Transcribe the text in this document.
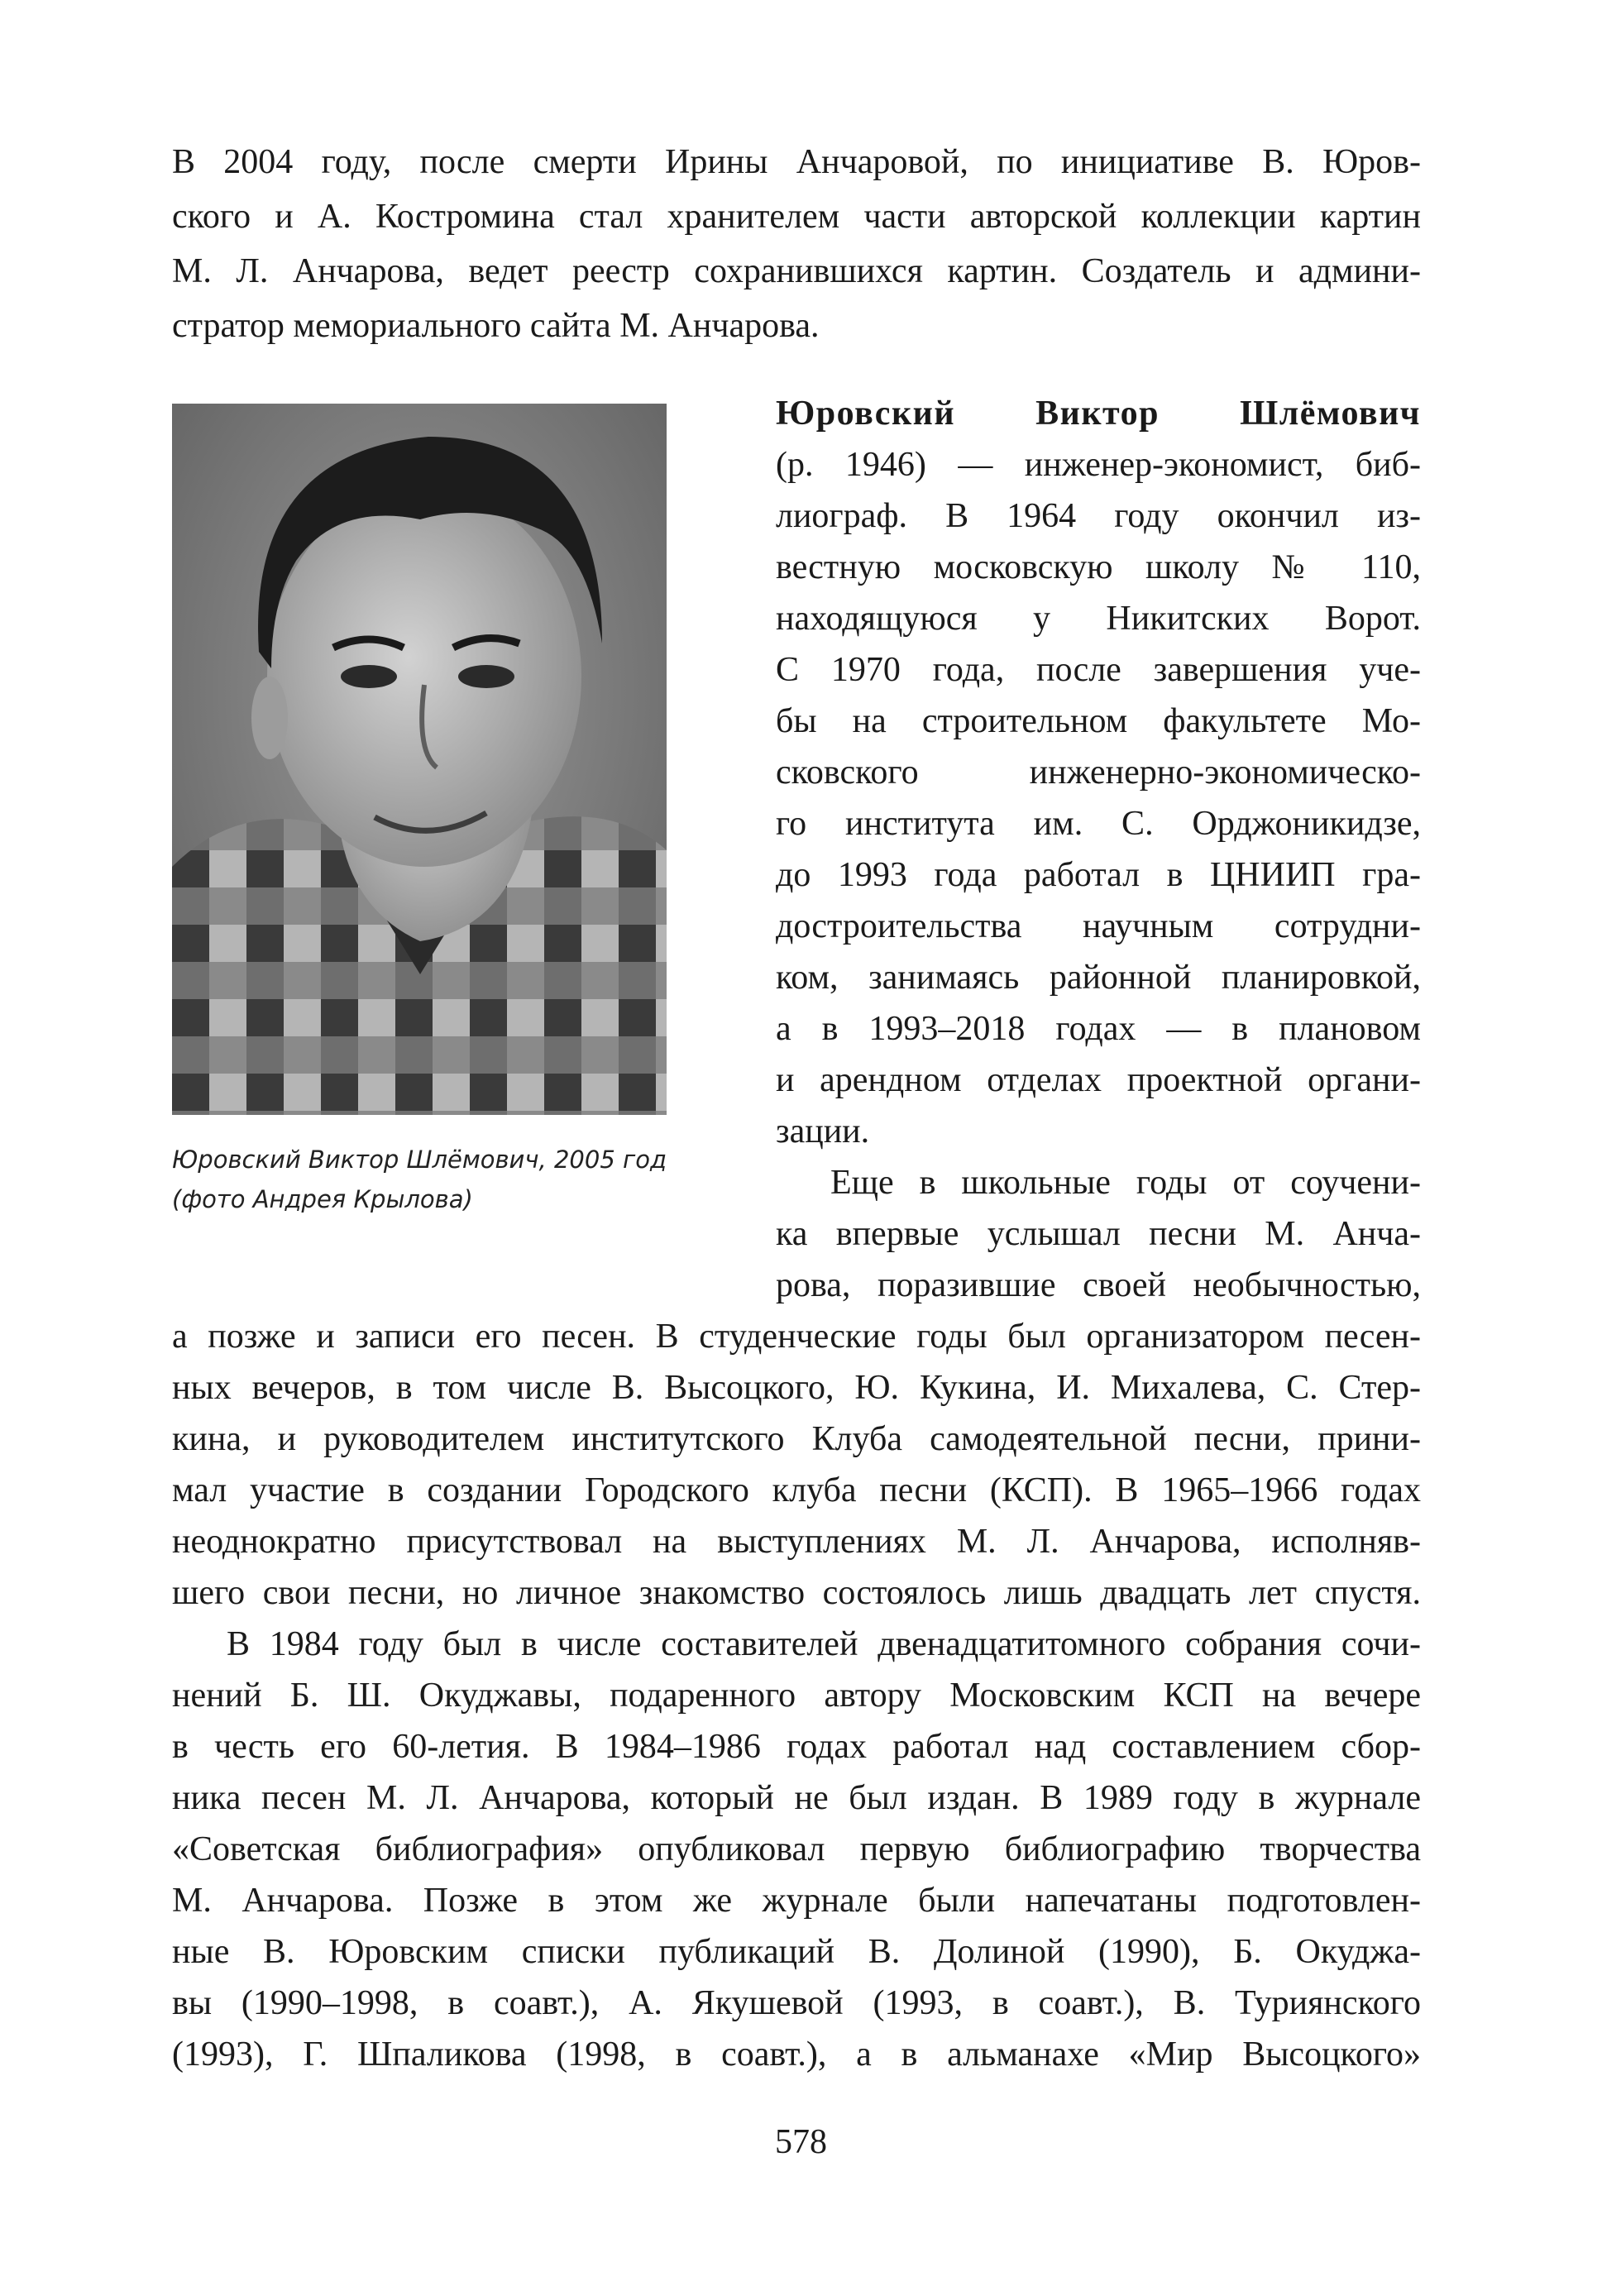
В 2004 году, после смерти Ирины Анчаровой, по инициативе В. Юров-
ского и А. Костромина стал хранителем части авторской коллекции картин
М. Л. Анчарова, ведет реестр сохранившихся картин. Создатель и админи-
стратор мемориального сайта М. Анчарова.
Юровский Виктор Шлёмович, 2005 год
(фото Андрея Крылова)
Юровский Виктор Шлёмович
(р. 1946) — инженер-экономист, биб-
лиограф. В 1964 году окончил из-
вестную московскую школу № 110,
находящуюся у Никитских Ворот.
С 1970 года, после завершения уче-
бы на строительном факультете Мо-
сковского инженерно-экономическо-
го института им. С. Орджоникидзе,
до 1993 года работал в ЦНИИП гра-
достроительства научным сотрудни-
ком, занимаясь районной планировкой,
а в 1993–2018 годах — в плановом
и арендном отделах проектной органи-
зации.
Еще в школьные годы от соучени-
ка впервые услышал песни М. Анча-
рова, поразившие своей необычностью,
а позже и записи его песен. В студенческие годы был организатором песен-
ных вечеров, в том числе В. Высоцкого, Ю. Кукина, И. Михалева, С. Стер-
кина, и руководителем институтского Клуба самодеятельной песни, прини-
мал участие в создании Городского клуба песни (КСП). В 1965–1966 годах
неоднократно присутствовал на выступлениях М. Л. Анчарова, исполняв-
шего свои песни, но личное знакомство состоялось лишь двадцать лет спустя.
В 1984 году был в числе составителей двенадцатитомного собрания сочи-
нений Б. Ш. Окуджавы, подаренного автору Московским КСП на вечере
в честь его 60-летия. В 1984–1986 годах работал над составлением сбор-
ника песен М. Л. Анчарова, который не был издан. В 1989 году в журнале
«Советская библиография» опубликовал первую библиографию творчества
М. Анчарова. Позже в этом же журнале были напечатаны подготовлен-
ные В. Юровским списки публикаций В. Долиной (1990), Б. Окуджа-
вы (1990–1998, в соавт.), А. Якушевой (1993, в соавт.), В. Туриянского
(1993), Г. Шпаликова (1998, в соавт.), а в альманахе «Мир Высоцкого»
578
